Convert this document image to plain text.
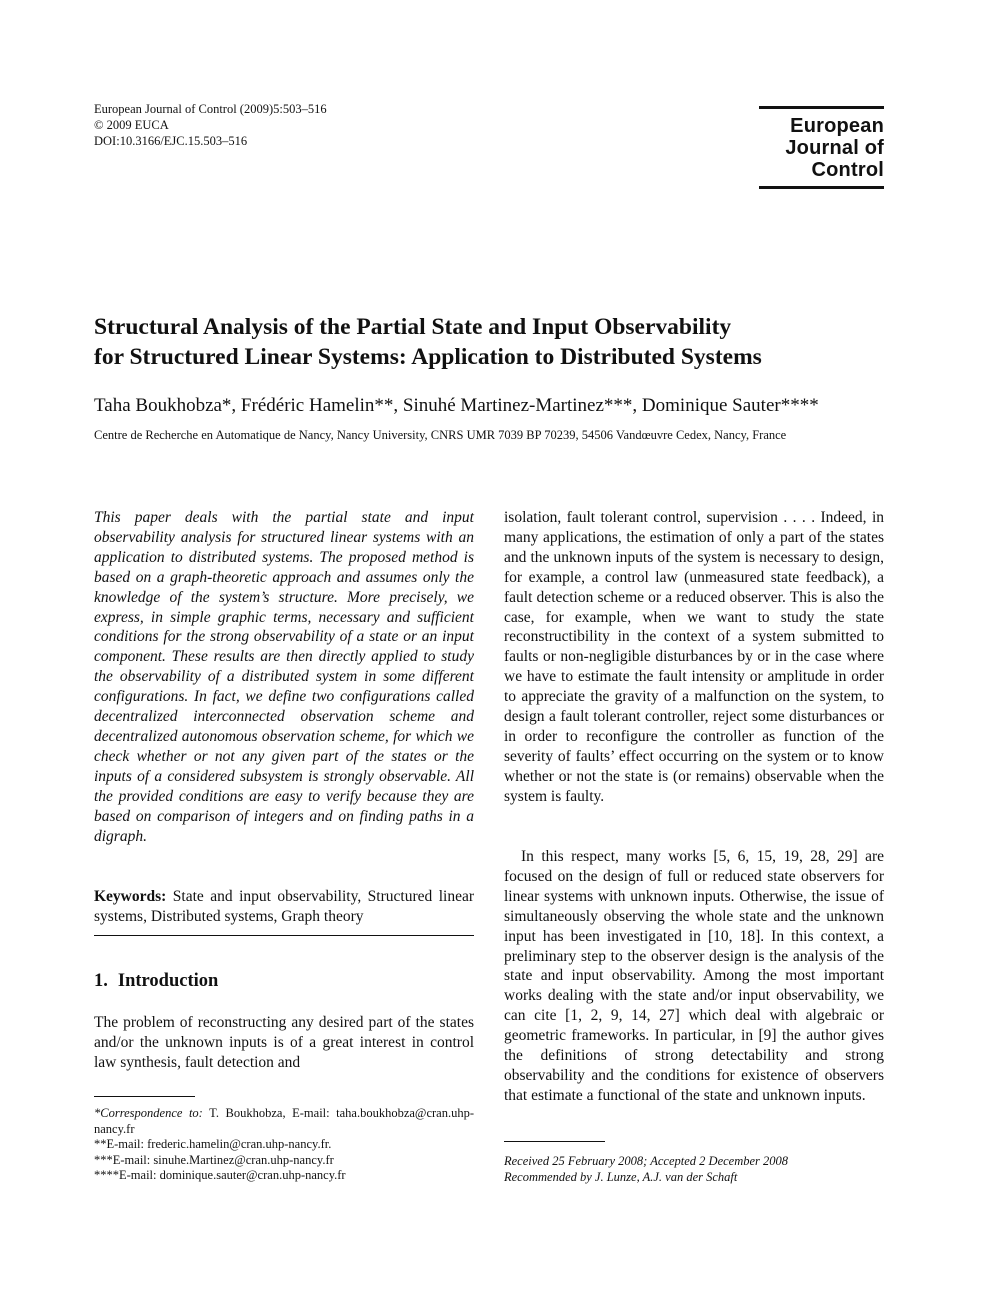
European Journal of Control (2009)5:503–516
© 2009 EUCA
DOI:10.3166/EJC.15.503–516
European
Journal of
Control
Structural Analysis of the Partial State and Input Observability
for Structured Linear Systems: Application to Distributed Systems
Taha Boukhobza*, Frédéric Hamelin**, Sinuhé Martinez-Martinez***, Dominique Sauter****
Centre de Recherche en Automatique de Nancy, Nancy University, CNRS UMR 7039 BP 70239, 54506 Vandœuvre Cedex, Nancy, France

This paper deals with the partial state and input observability analysis for structured linear systems with an application to distributed systems. The proposed method is based on a graph-theoretic approach and assumes only the knowledge of the system’s structure. More precisely, we express, in simple graphic terms, necessary and sufficient conditions for the strong observability of a state or an input component. These results are then directly applied to study the observability of a distributed system in some different configurations. In fact, we define two configurations called decentralized interconnected observation scheme and decentralized autonomous observation scheme, for which we check whether or not any given part of the states or the inputs of a considered subsystem is strongly observable. All the provided conditions are easy to verify because they are based on comparison of integers and on finding paths in a digraph.

Keywords: State and input observability, Structured linear systems, Distributed systems, Graph theory

1. Introduction

The problem of reconstructing any desired part of the states and/or the unknown inputs is of a great interest in control law synthesis, fault detection and

*Correspondence to: T. Boukhobza, E-mail: taha.boukhobza@cran.uhp-nancy.fr
**E-mail: frederic.hamelin@cran.uhp-nancy.fr.
***E-mail: sinuhe.Martinez@cran.uhp-nancy.fr
****E-mail: dominique.sauter@cran.uhp-nancy.fr

isolation, fault tolerant control, supervision . . . . Indeed, in many applications, the estimation of only a part of the states and the unknown inputs of the system is necessary to design, for example, a control law (unmeasured state feedback), a fault detection scheme or a reduced observer. This is also the case, for example, when we want to study the state reconstructibility in the context of a system submitted to faults or non-negligible disturbances by or in the case where we have to estimate the fault intensity or amplitude in order to appreciate the gravity of a malfunction on the system, to design a fault tolerant controller, reject some disturbances or in order to reconfigure the controller as function of the severity of faults’ effect occurring on the system or to know whether or not the state is (or remains) observable when the system is faulty.

In this respect, many works [5, 6, 15, 19, 28, 29] are focused on the design of full or reduced state observers for linear systems with unknown inputs. Otherwise, the issue of simultaneously observing the whole state and the unknown input has been investigated in [10, 18]. In this context, a preliminary step to the observer design is the analysis of the state and input observability. Among the most important works dealing with the state and/or input observability, we can cite [1, 2, 9, 14, 27] which deal with algebraic or geometric frameworks. In particular, in [9] the author gives the definitions of strong detectability and strong observability and the conditions for existence of observers that estimate a functional of the state and unknown inputs.

Received 25 February 2008; Accepted 2 December 2008
Recommended by J. Lunze, A.J. van der Schaft
